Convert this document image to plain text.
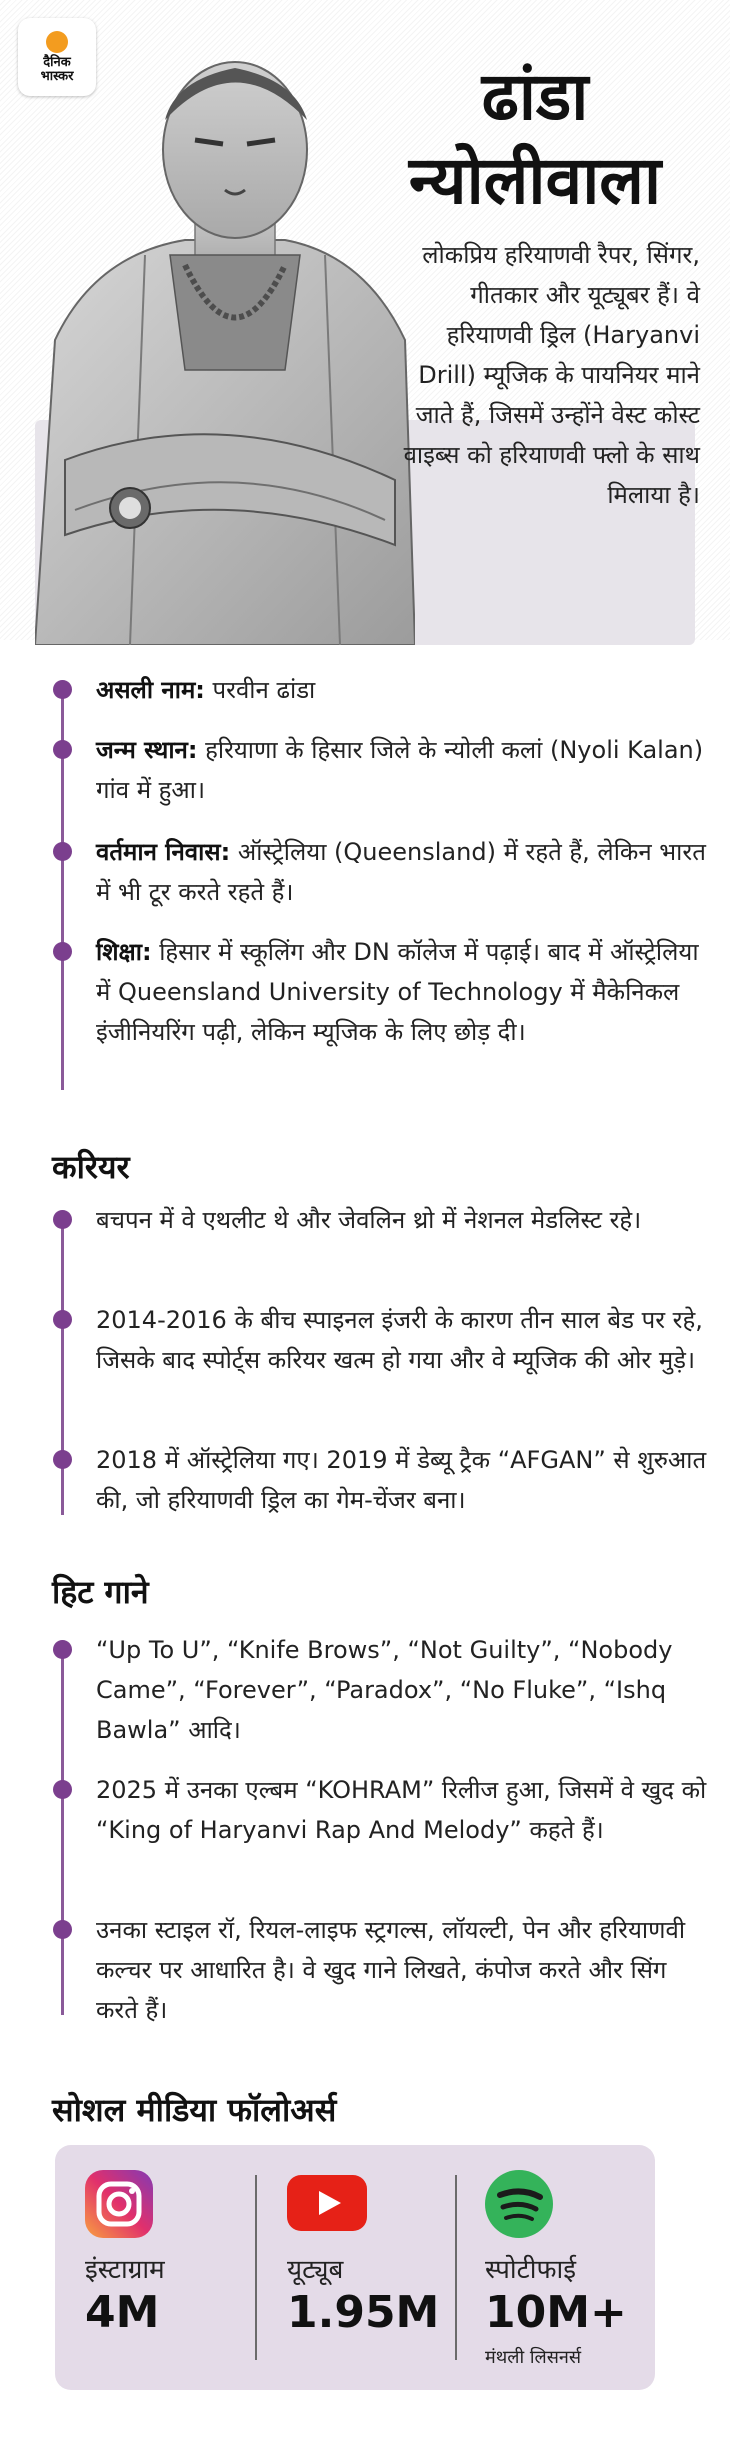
दैनिक
भास्कर	ढांडा
न्योलीवाला
लोकप्रिय हरियाणवी रैपर, सिंगर, गीतकार और यूट्यूबर हैं। वे हरियाणवी ड्रिल (Haryanvi Drill) म्यूजिक के पायनियर माने जाते हैं, जिसमें उन्होंने वेस्ट कोस्ट वाइब्स को हरियाणवी फ्लो के साथ मिलाया है।
असली नाम: परवीन ढांडा
जन्म स्थान: हरियाणा के हिसार जिले के न्योली कलां (Nyoli Kalan) गांव में हुआ।
वर्तमान निवास: ऑस्ट्रेलिया (Queensland) में रहते हैं, लेकिन भारत में भी टूर करते रहते हैं।
शिक्षा: हिसार में स्कूलिंग और DN कॉलेज में पढ़ाई। बाद में ऑस्ट्रेलिया में Queensland University of Technology में मैकेनिकल इंजीनियरिंग पढ़ी, लेकिन म्यूजिक के लिए छोड़ दी।
करियर
बचपन में वे एथलीट थे और जेवलिन थ्रो में नेशनल मेडलिस्ट रहे।
2014-2016 के बीच स्पाइनल इंजरी के कारण तीन साल बेड पर रहे, जिसके बाद स्पोर्ट्स करियर खत्म हो गया और वे म्यूजिक की ओर मुड़े।
2018 में ऑस्ट्रेलिया गए। 2019 में डेब्यू ट्रैक “AFGAN” से शुरुआत की, जो हरियाणवी ड्रिल का गेम-चेंजर बना।
हिट गाने
“Up To U”, “Knife Brows”, “Not Guilty”, “Nobody Came”, “Forever”, “Paradox”, “No Fluke”, “Ishq Bawla” आदि।
2025 में उनका एल्बम “KOHRAM” रिलीज हुआ, जिसमें वे खुद को “King of Haryanvi Rap And Melody” कहते हैं।
उनका स्टाइल रॉ, रियल-लाइफ स्ट्रगल्स, लॉयल्टी, पेन और हरियाणवी कल्चर पर आधारित है। वे खुद गाने लिखते, कंपोज करते और सिंग करते हैं।
सोशल मीडिया फॉलोअर्स
इंस्टाग्राम
4M
यूट्यूब
1.95M
स्पोटीफाई
10M+
मंथली लिसनर्स
